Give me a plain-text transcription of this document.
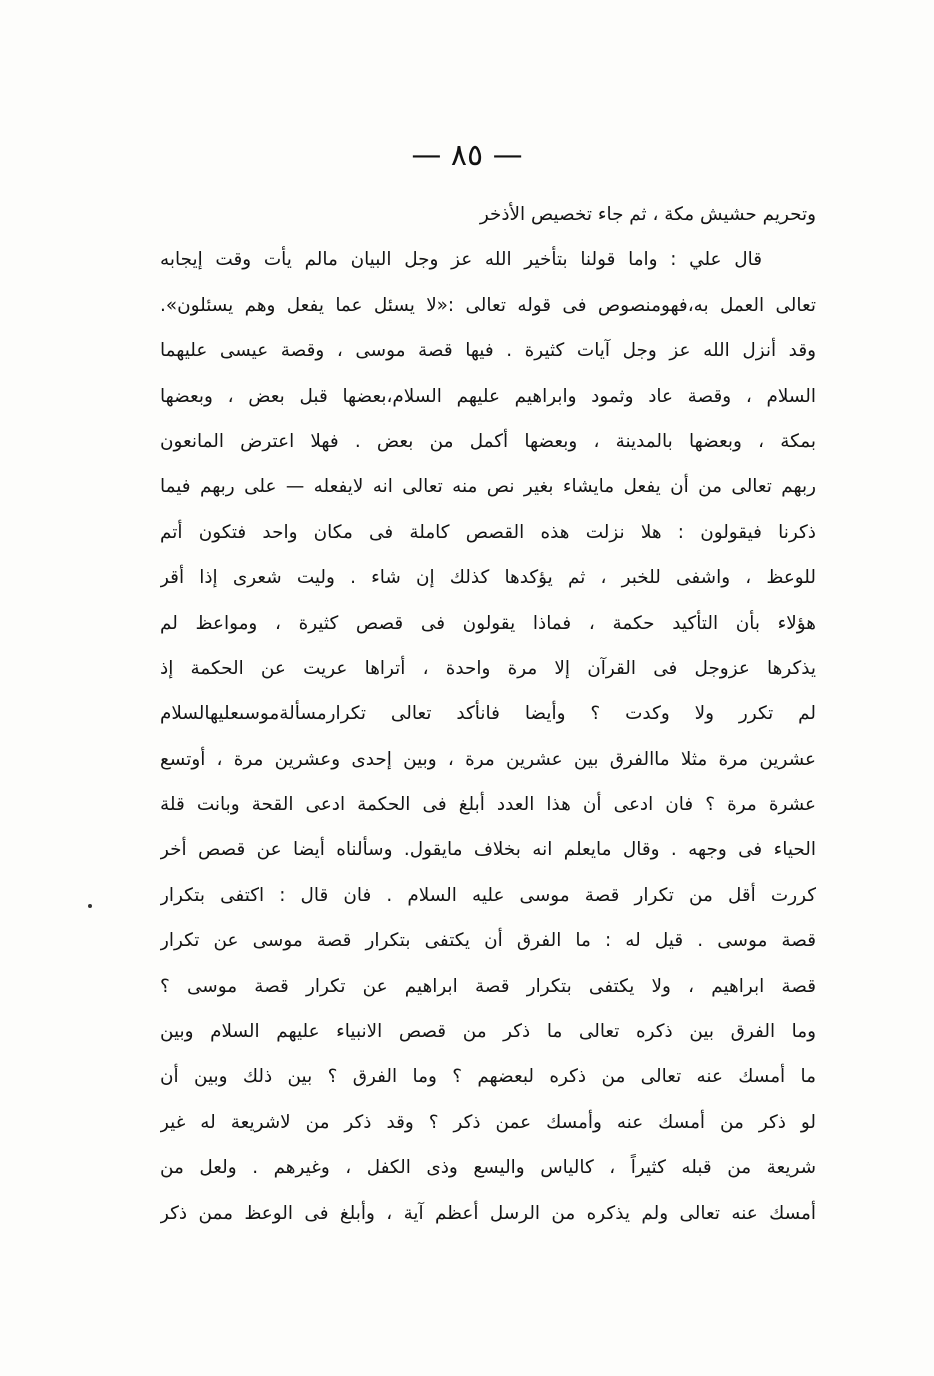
— ٨٥ —
وتحريم حشيش مكة ، ثم جاء تخصيص الأذخر
قال علي : واما قولنا بتأخير الله عز وجل البيان مالم يأت وقت إيجابه
تعالى العمل به،فهومنصوص فى قوله تعالى :«لا يسئل عما يفعل وهم يسئلون».
وقد أنزل الله عز وجل آيات كثيرة . فيها قصة موسى ، وقصة عيسى عليهما
السلام ، وقصة عاد وثمود وابراهيم عليهم السلام،بعضها قبل بعض ، وبعضها
بمكة ، وبعضها بالمدينة ، وبعضها أكمل من بعض . فهلا اعترض المانعون
ربهم تعالى من أن يفعل مايشاء بغير نص منه تعالى انه لايفعله — على ربهم فيما
ذكرنا فيقولون : هلا نزلت هذه القصص كاملة فى مكان واحد فتكون أتم
للوعظ ، واشفى للخبر ، ثم يؤكدها كذلك إن شاء . وليت شعرى إذا أقر
هؤلاء بأن التأكيد حكمة ، فماذا يقولون فى قصص كثيرة ، ومواعظ لم
يذكرها عزوجل فى القرآن إلا مرة واحدة ، أتراها عريت عن الحكمة إذ
لم تكرر ولا وكدت ؟ وأيضا فانأكد تعالى تكرارمسألةموسىعليهالسلام
عشرين مرة مثلا ماالفرق بين عشرين مرة ، وبين إحدى وعشرين مرة ، أوتسع
عشرة مرة ؟ فان ادعى أن هذا العدد أبلغ فى الحكمة ادعى القحة وبانت قلة
الحياء فى وجهه . وقال مايعلم انه بخلاف مايقول. وسألناه أيضا عن قصص أخر
كررت أقل من تكرار قصة موسى عليه السلام . فان قال : اكتفى بتكرار
قصة موسى . قيل له : ما الفرق أن يكتفى بتكرار قصة موسى عن تكرار
قصة ابراهيم ، ولا يكتفى بتكرار قصة ابراهيم عن تكرار قصة موسى ؟
وما الفرق بين ذكره تعالى ما ذكر من قصص الانبياء عليهم السلام وبين
ما أمسك عنه تعالى من ذكره لبعضهم ؟ وما الفرق ؟ بين ذلك وبين أن
لو ذكر من أمسك عنه وأمسك عمن ذكر ؟ وقد ذكر من لاشريعة له غير
شريعة من قبله كثيراً ، كالياس واليسع وذى الكفل ، وغيرهم . ولعل من
أمسك عنه تعالى ولم يذكره من الرسل أعظم آية ، وأبلغ فى الوعظ ممن ذكر
